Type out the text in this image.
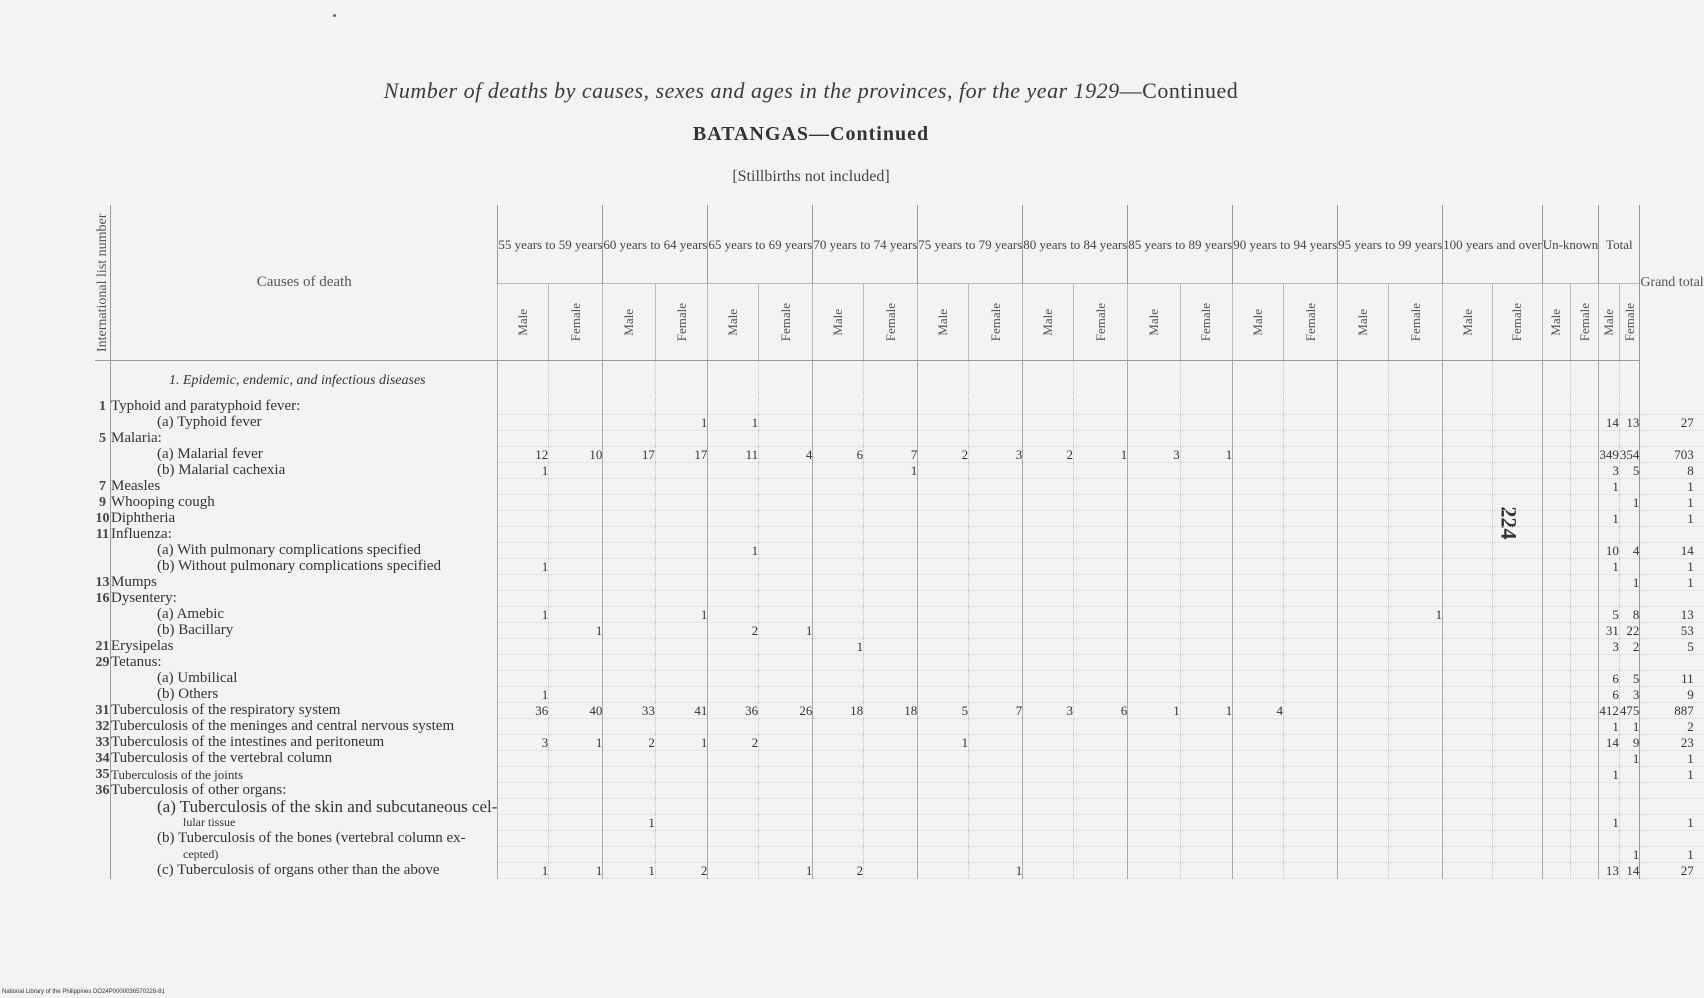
Number of deaths by causes, sexes and ages in the provinces, for the year 1929—Continued
BATANGAS—Continued
[Stillbirths not included]
224
National Library of the Philippines DO24P0000036570228-81
International list number	Causes of death	55 years to 59 years		60 years to 64 years		65 years to 69 years		70 years to 74 years		75 years to 79 years		80 years to 84 years		85 years to 89 years		90 years to 94 years		95 years to 99 years		100 years and over		Un-known		Total		Grand total

		Male	Female	Male	Female	Male	Female	Male	Female	Male	Female	Male	Female	Male	Female	Male	Female	Male	Female	Male	Female	Male	Female	Male	Female	

	1. Epidemic, endemic, and infectious diseases																									
1	Typhoid and paratyphoid fever:																									
	(a) Typhoid fever				1	1																		14	13	27
5	Malaria:																									
	(a) Malarial fever	12	10	17	17	11	4	6	7	2	3	2	1	3	1									349	354	703
	(b) Malarial cachexia	1							1															3	5	8
7	Measles																							1		1
9	Whooping cough																								1	1
10	Diphtheria																							1		1
11	Influenza:																									
	(a) With pulmonary complications specified					1																		10	4	14
	(b) Without pulmonary complications specified	1																						1		1
13	Mumps																								1	1
16	Dysentery:																									
	(a) Amebic	1			1														1					5	8	13
	(b) Bacillary		1			2	1																	31	22	53
21	Erysipelas							1																3	2	5
29	Tetanus:																									
	(a) Umbilical																							6	5	11
	(b) Others	1																						6	3	9
31	Tuberculosis of the respiratory system	36	40	33	41	36	26	18	18	5	7	3	6	1	1	4								412	475	887
32	Tuberculosis of the meninges and central nervous system																							1	1	2
33	Tuberculosis of the intestines and peritoneum	3	1	2	1	2				1														14	9	23
34	Tuberculosis of the vertebral column																								1	1
35	Tuberculosis of the joints																							1		1
36	Tuberculosis of other organs:																									
	(a) Tuberculosis of the skin and subcutaneous cel-																									
	lular tissue			1																				1		1
	(b) Tuberculosis of the bones (vertebral column ex-																									
	cepted)																								1	1
	(c) Tuberculosis of organs other than the above	1	1	1	2		1	2			1													13	14	27
